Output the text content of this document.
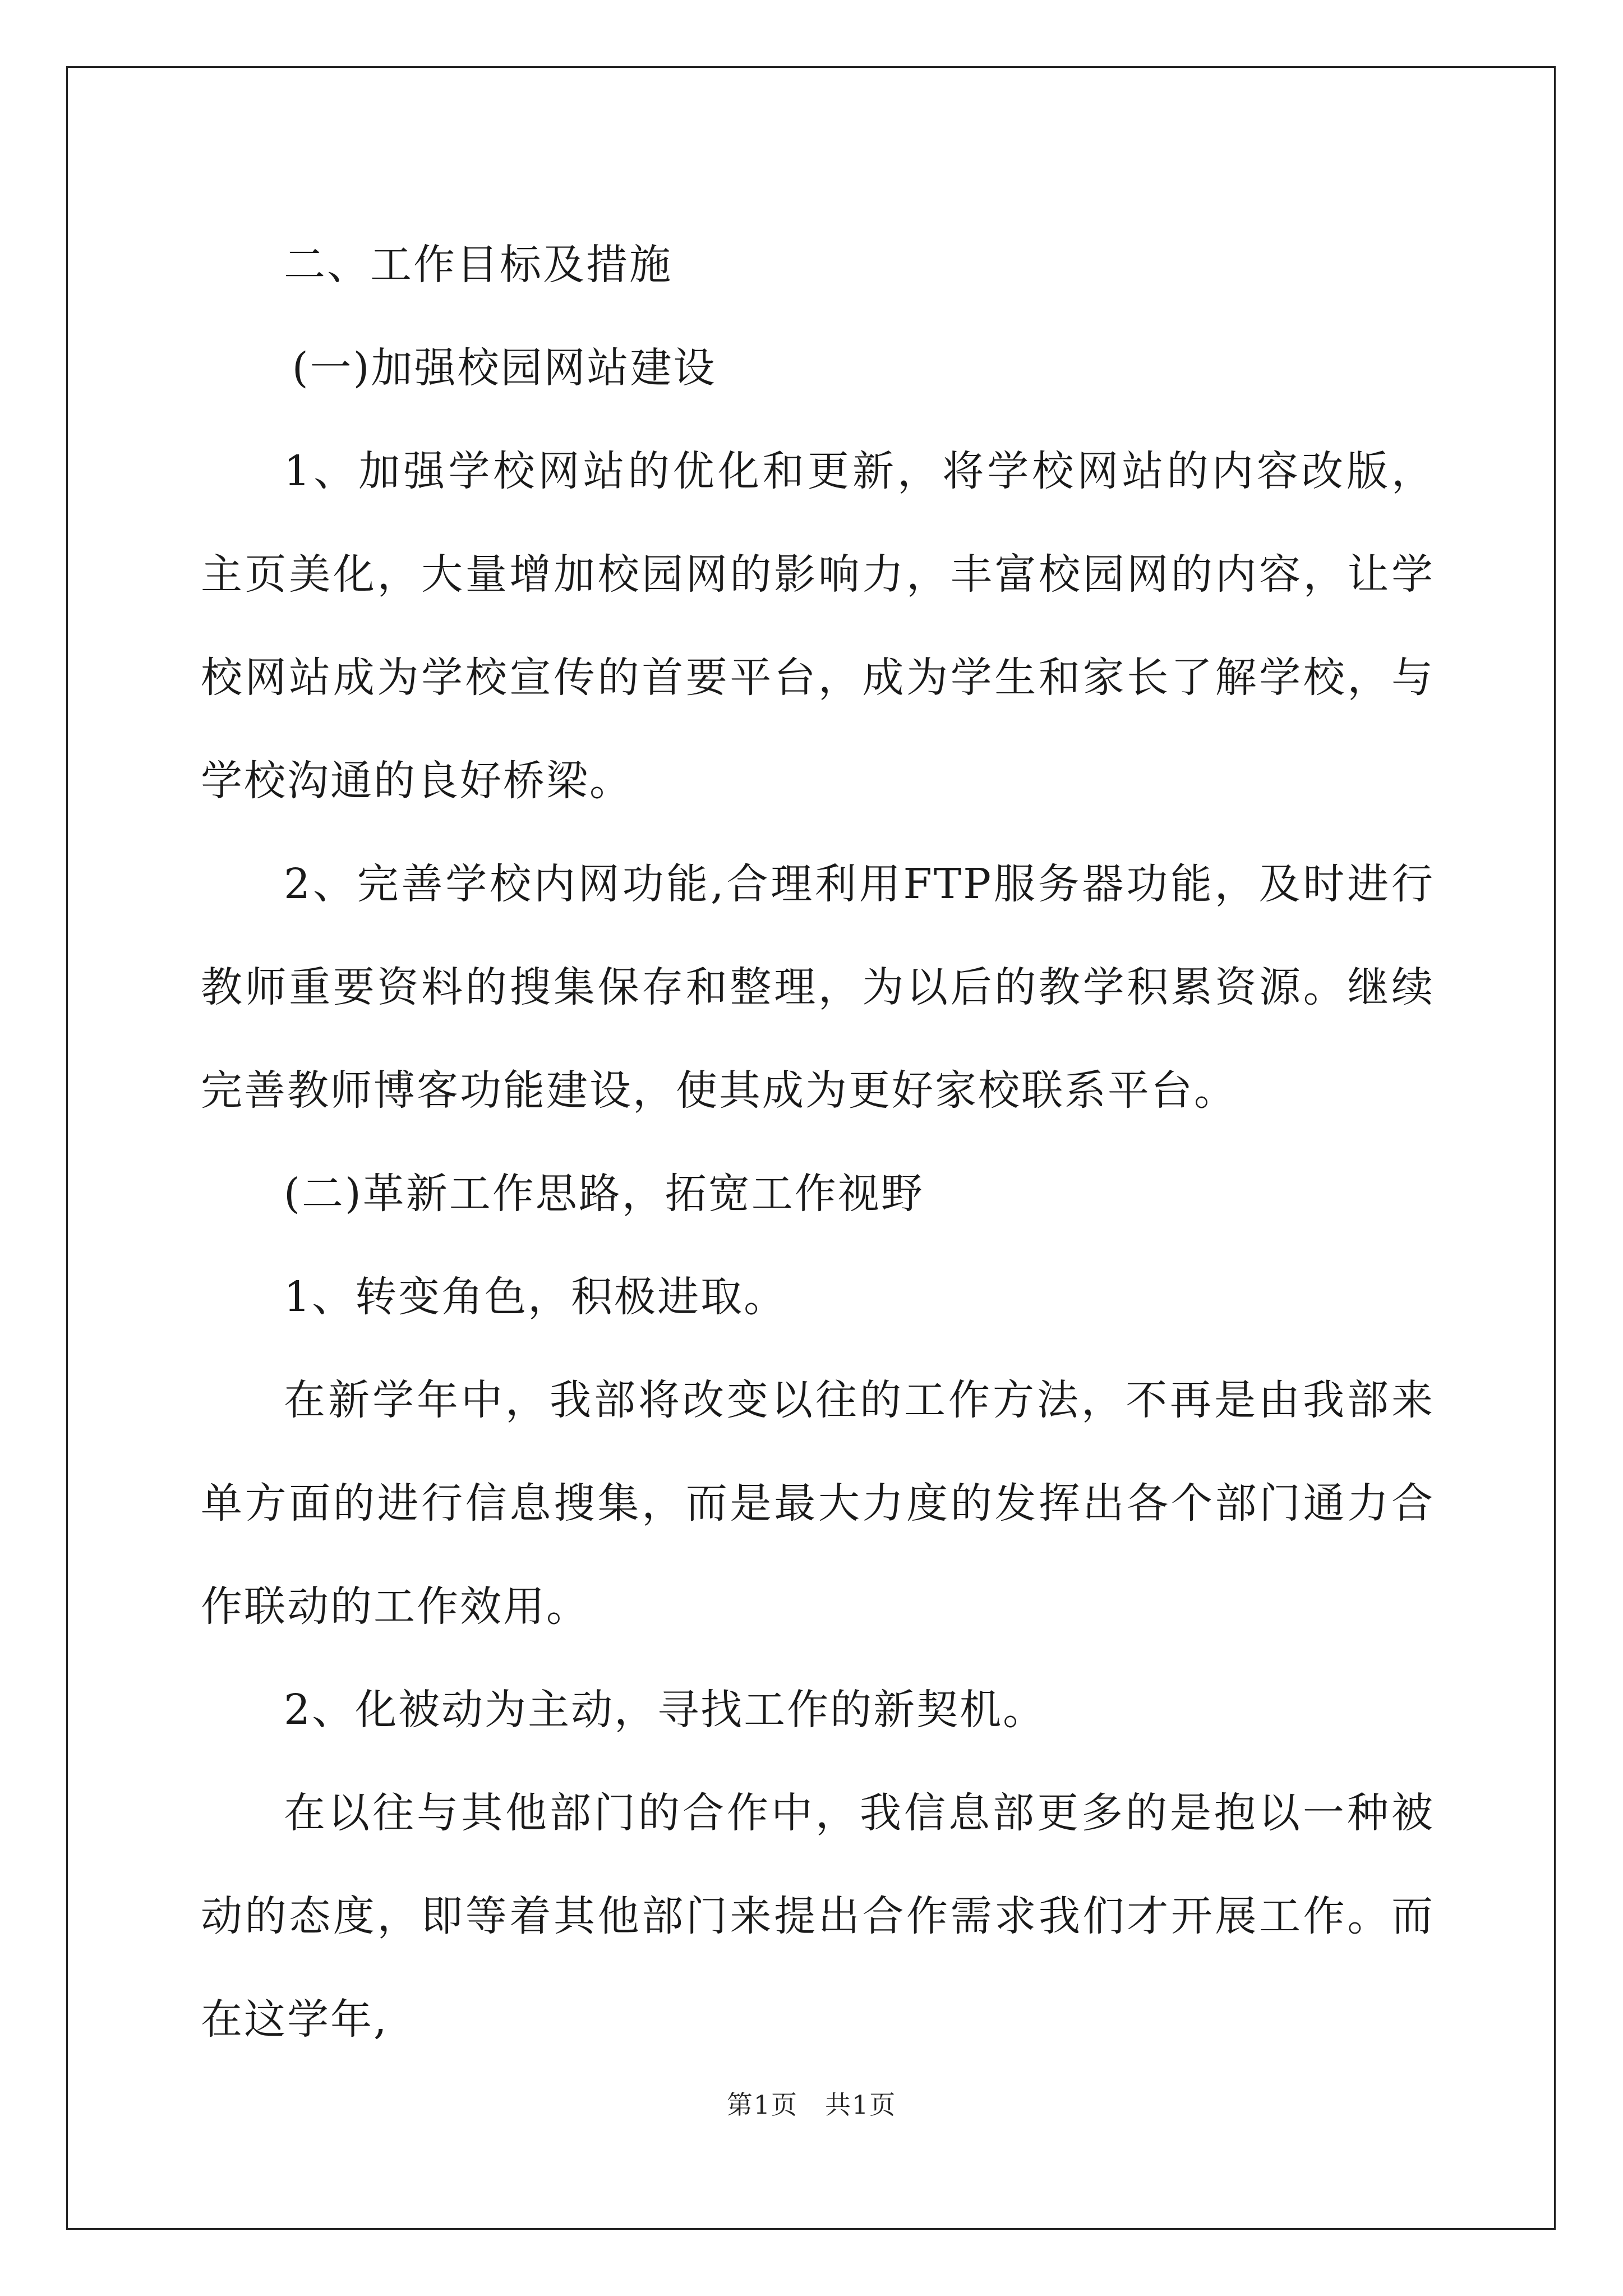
二、工作目标及措施

(一)加强校园网站建设

1、加强学校网站的优化和更新，将学校网站的内容改版，主页美化，大量增加校园网的影响力，丰富校园网的内容，让学校网站成为学校宣传的首要平台，成为学生和家长了解学校，与学校沟通的良好桥梁。

2、完善学校内网功能,合理利用FTP服务器功能，及时进行教师重要资料的搜集保存和整理，为以后的教学积累资源。继续完善教师博客功能建设，使其成为更好家校联系平台。

(二)革新工作思路，拓宽工作视野

1、转变角色，积极进取。

在新学年中，我部将改变以往的工作方法，不再是由我部来单方面的进行信息搜集，而是最大力度的发挥出各个部门通力合作联动的工作效用。

2、化被动为主动，寻找工作的新契机。

在以往与其他部门的合作中，我信息部更多的是抱以一种被动的态度，即等着其他部门来提出合作需求我们才开展工作。而在这学年,

第1页　共1页
